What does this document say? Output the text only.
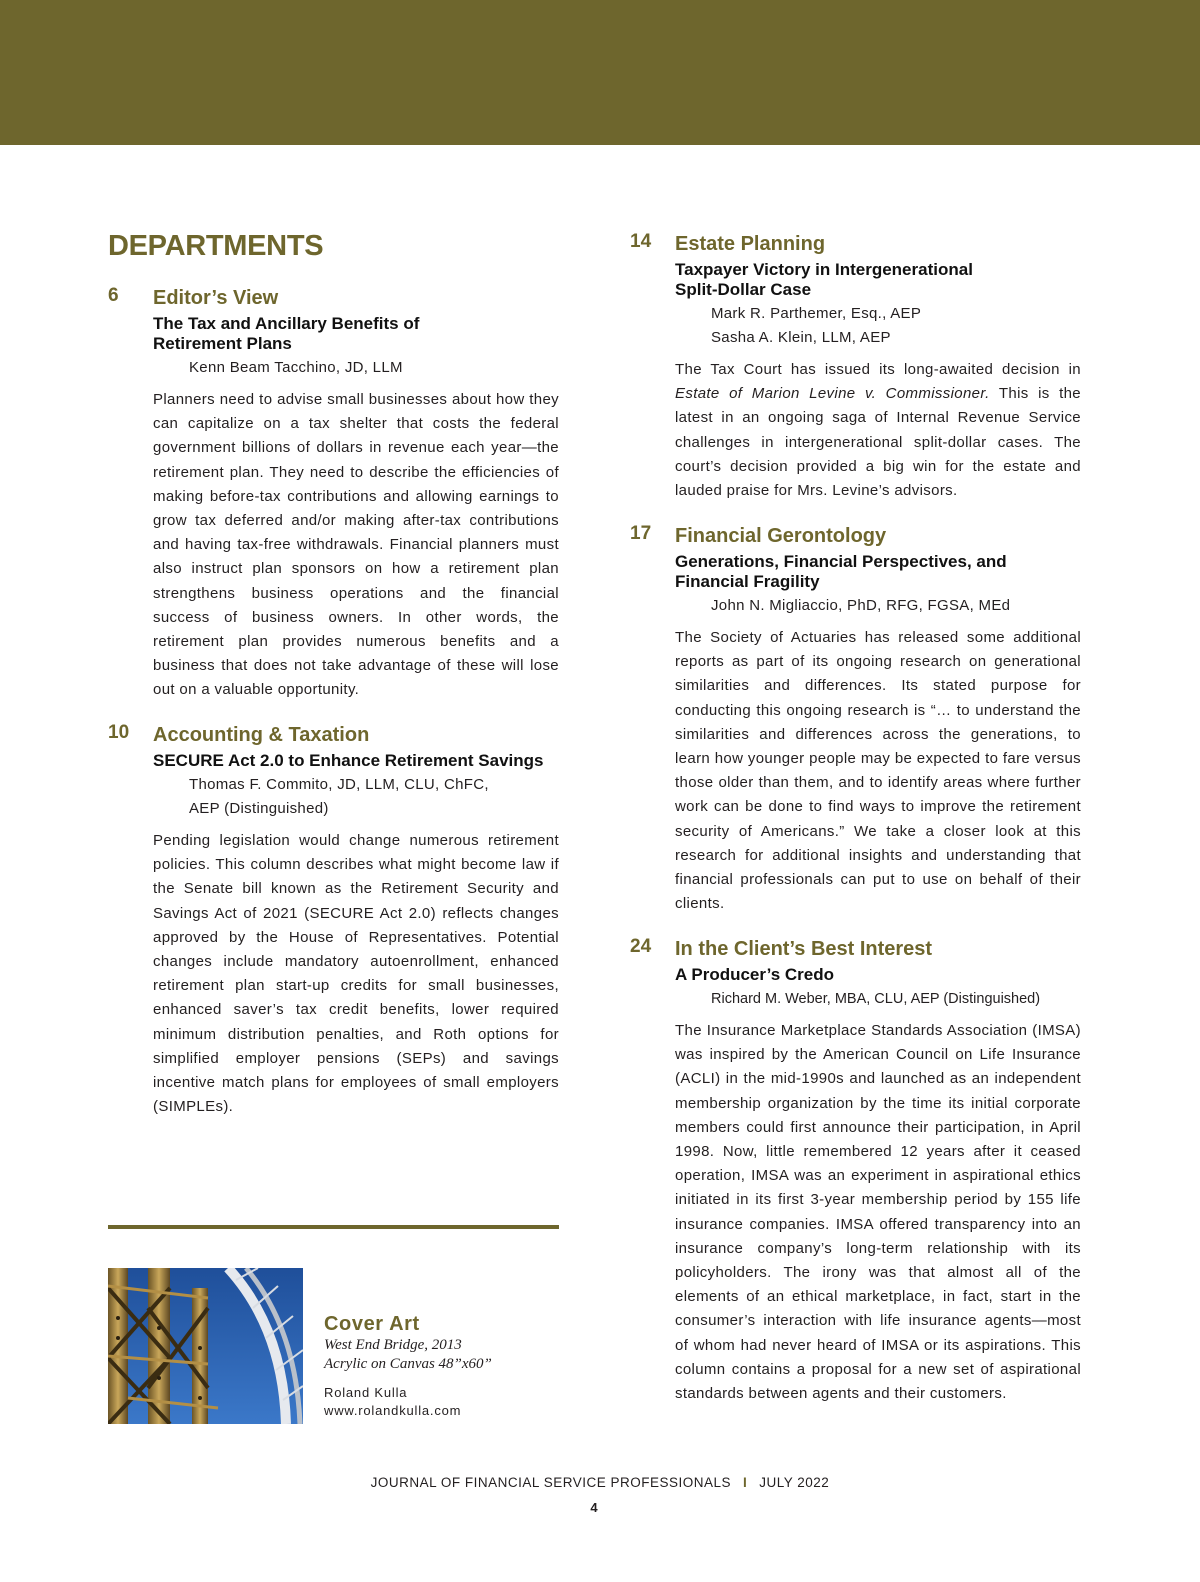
DEPARTMENTS
6 Editor’s View

The Tax and Ancillary Benefits of Retirement Plans

Kenn Beam Tacchino, JD, LLM

Planners need to advise small businesses about how they can capitalize on a tax shelter that costs the federal government billions of dollars in revenue each year—the retirement plan. They need to describe the efficiencies of making before-tax contributions and allowing earnings to grow tax deferred and/or making after-tax contributions and having tax-free withdrawals. Financial planners must also instruct plan sponsors on how a retirement plan strengthens business operations and the financial success of business owners. In other words, the retirement plan provides numerous benefits and a business that does not take advantage of these will lose out on a valuable opportunity.

10 Accounting & Taxation

SECURE Act 2.0 to Enhance Retirement Savings

Thomas F. Commito, JD, LLM, CLU, ChFC,

AEP (Distinguished)

Pending legislation would change numerous retirement policies. This column describes what might become law if the Senate bill known as the Retirement Security and Savings Act of 2021 (SECURE Act 2.0) reflects changes approved by the House of Representatives. Potential changes include mandatory autoenrollment, enhanced retirement plan start-up credits for small businesses, enhanced saver’s tax credit benefits, lower required minimum distribution penalties, and Roth options for simplified employer pensions (SEPs) and savings incentive match plans for employees of small employers (SIMPLEs).

14 Estate Planning

Taxpayer Victory in Intergenerational Split-Dollar Case

Mark R. Parthemer, Esq., AEP

Sasha A. Klein, LLM, AEP

The Tax Court has issued its long-awaited decision in Estate of Marion Levine v. Commissioner. This is the latest in an ongoing saga of Internal Revenue Service challenges in intergenerational split-dollar cases. The court’s decision provided a big win for the estate and lauded praise for Mrs. Levine’s advisors.

17 Financial Gerontology

Generations, Financial Perspectives, and Financial Fragility

John N. Migliaccio, PhD, RFG, FGSA, MEd

The Society of Actuaries has released some additional reports as part of its ongoing research on generational similarities and differences. Its stated purpose for conducting this ongoing research is “… to understand the similarities and differences across the generations, to learn how younger people may be expected to fare versus those older than them, and to identify areas where further work can be done to find ways to improve the retirement security of Americans.” We take a closer look at this research for additional insights and understanding that financial professionals can put to use on behalf of their clients.

24 In the Client’s Best Interest

A Producer’s Credo

Richard M. Weber, MBA, CLU, AEP (Distinguished)

The Insurance Marketplace Standards Association (IMSA) was inspired by the American Council on Life Insurance (ACLI) in the mid-1990s and launched as an independent membership organization by the time its initial corporate members could first announce their participation, in April 1998. Now, little remembered 12 years after it ceased operation, IMSA was an experiment in aspirational ethics initiated in its first 3-year membership period by 155 life insurance companies. IMSA offered transparency into an insurance company’s long-term relationship with its policyholders. The irony was that almost all of the elements of an ethical marketplace, in fact, start in the consumer’s interaction with life insurance agents—most of whom had never heard of IMSA or its aspirations. This column contains a proposal for a new set of aspirational standards between agents and their customers.

Cover Art

West End Bridge, 2013

Acrylic on Canvas 48”x60”

Roland Kulla

www.rolandkulla.com

JOURNAL OF FINANCIAL SERVICE PROFESSIONALS I JULY 2022
4
